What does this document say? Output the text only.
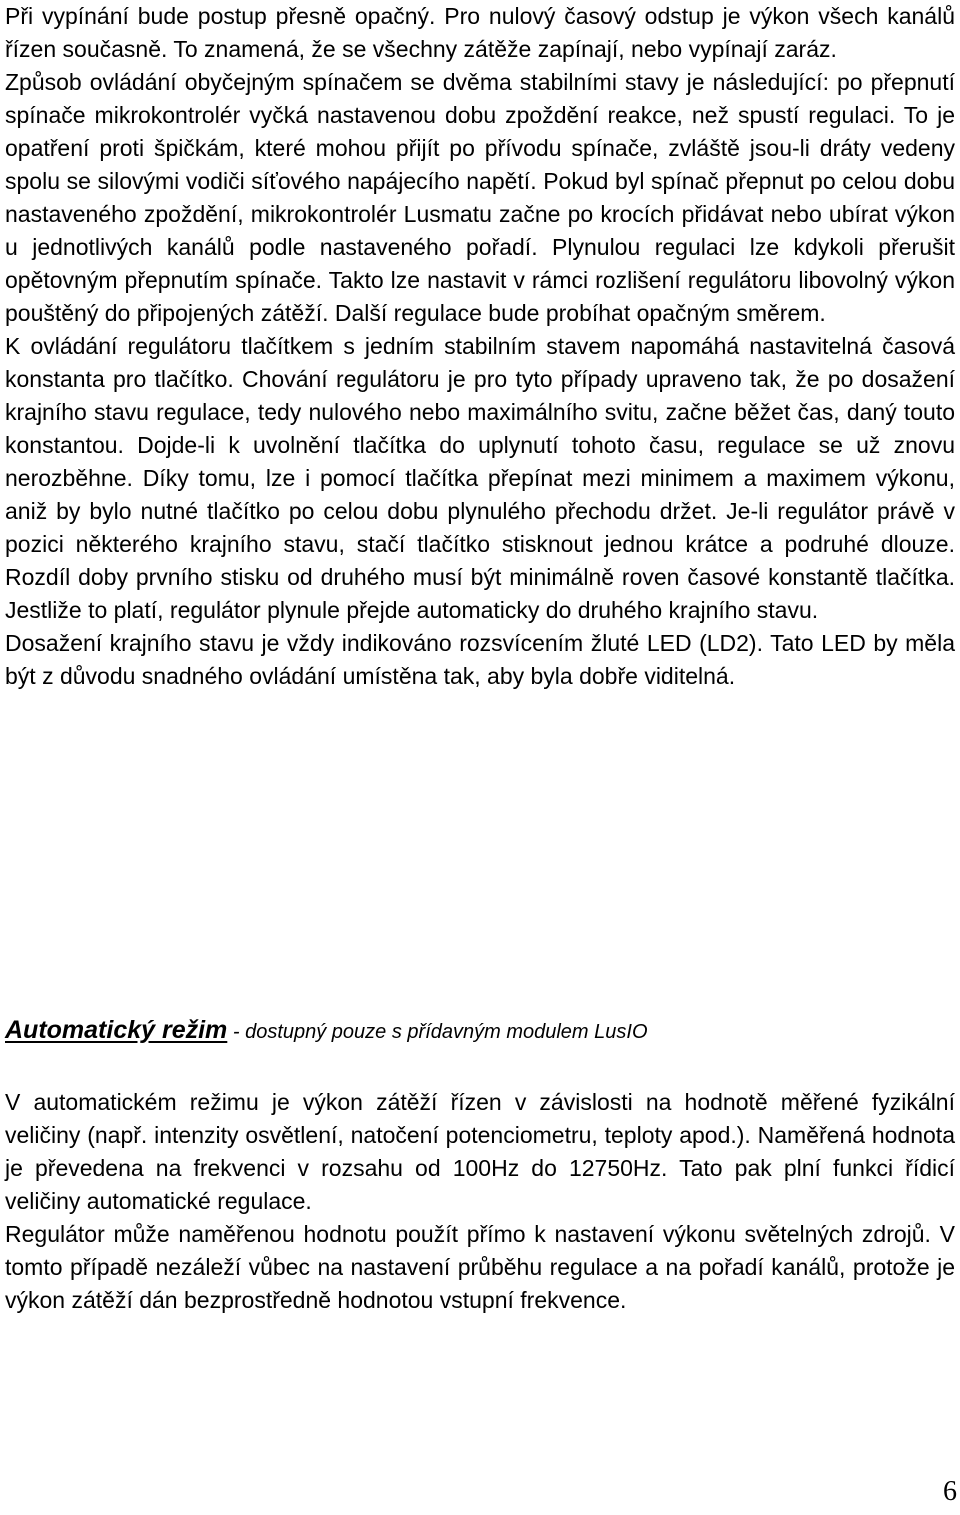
Při vypínání bude postup přesně opačný. Pro nulový časový odstup je výkon všech kanálů řízen současně. To znamená, že se všechny zátěže zapínají, nebo vypínají zaráz.

Způsob ovládání obyčejným spínačem se dvěma stabilními stavy je následující: po přepnutí spínače mikrokontrolér vyčká nastavenou dobu zpoždění reakce, než spustí regulaci. To je opatření proti špičkám, které mohou přijít po přívodu spínače, zvláště jsou-li dráty vedeny spolu se silovými vodiči síťového napájecího napětí. Pokud byl spínač přepnut po celou dobu nastaveného zpoždění, mikrokontrolér Lusmatu začne po krocích přidávat nebo ubírat výkon u jednotlivých kanálů podle nastaveného pořadí. Plynulou regulaci lze kdykoli přerušit opětovným přepnutím spínače. Takto lze nastavit v rámci rozlišení regulátoru libovolný výkon pouštěný do připojených zátěží. Další regulace bude probíhat opačným směrem.

K ovládání regulátoru tlačítkem s jedním stabilním stavem napomáhá nastavitelná časová konstanta pro tlačítko. Chování regulátoru je pro tyto případy upraveno tak, že po dosažení krajního stavu regulace, tedy nulového nebo maximálního svitu, začne běžet čas, daný touto konstantou. Dojde-li k uvolnění tlačítka do uplynutí tohoto času, regulace se už znovu nerozběhne. Díky tomu, lze i pomocí tlačítka přepínat mezi minimem a maximem výkonu, aniž by bylo nutné tlačítko po celou dobu plynulého přechodu držet. Je-li regulátor právě v pozici některého krajního stavu, stačí tlačítko stisknout jednou krátce a podruhé dlouze. Rozdíl doby prvního stisku od druhého musí být minimálně roven časové konstantě tlačítka. Jestliže to platí, regulátor plynule přejde automaticky do druhého krajního stavu.

Dosažení krajního stavu je vždy indikováno rozsvícením žluté LED (LD2). Tato LED by měla být z důvodu snadného ovládání umístěna tak, aby byla dobře viditelná.

Automatický režim - dostupný pouze s přídavným modulem LusIO

V automatickém režimu je výkon zátěží řízen v závislosti na hodnotě měřené fyzikální veličiny (např. intenzity osvětlení, natočení potenciometru, teploty apod.). Naměřená hodnota je převedena na frekvenci v rozsahu od 100Hz do 12750Hz. Tato pak plní funkci řídicí veličiny automatické regulace.

Regulátor může naměřenou hodnotu použít přímo k nastavení výkonu světelných zdrojů. V tomto případě nezáleží vůbec na nastavení průběhu regulace a na pořadí kanálů, protože je výkon zátěží dán bezprostředně hodnotou vstupní frekvence.

6
